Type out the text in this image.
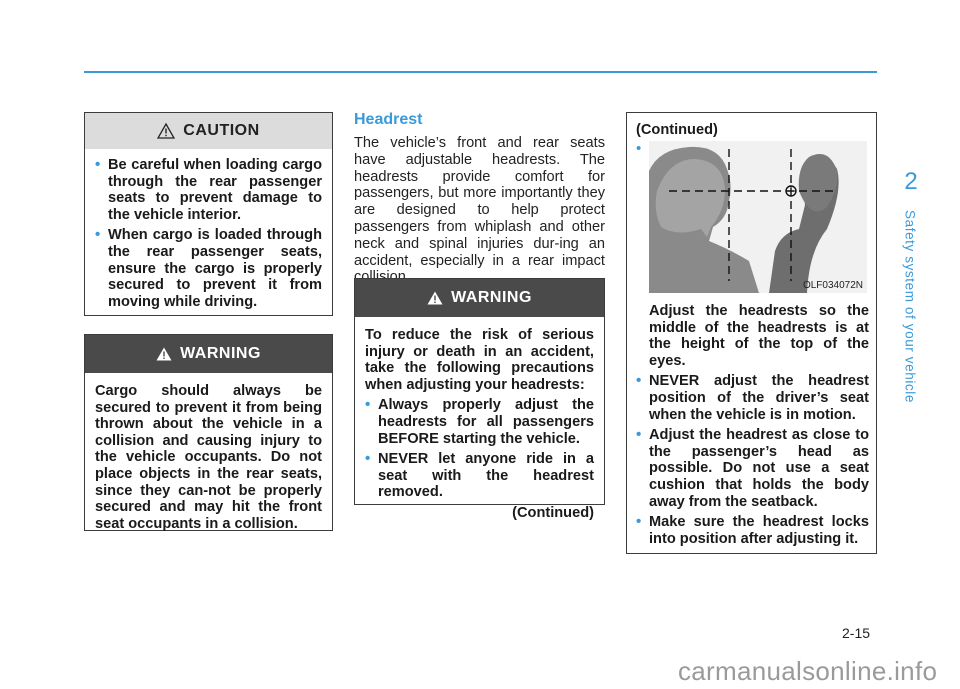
CAUTION
• Be careful when loading cargo through the rear passenger seats to prevent damage to the vehicle interior.
• When cargo is loaded through the rear passenger seats, ensure the cargo is properly secured to prevent it from moving while driving.
WARNING
Cargo should always be secured to prevent it from being thrown about the vehicle in a collision and causing injury to the vehicle occupants. Do not place objects in the rear seats, since they can-not be properly secured and may hit the front seat occupants in a collision.
Headrest
The vehicle’s front and rear seats have adjustable headrests. The headrests provide comfort for passengers, but more importantly they are designed to help protect passengers from whiplash and other neck and spinal injuries dur-ing an accident, especially in a rear impact
WARNING
To reduce the risk of serious injury or death in an accident, take the following precautions when adjusting your headrests:
• Always properly adjust the headrests for all passengers BEFORE starting the vehicle.
• NEVER let anyone ride in a seat with the headrest removed.
(Continued)
(Continued)
•
OLF034072N

Adjust the headrests so the middle of the headrests is at the height of the top of the eyes.

• NEVER adjust the headrest position of the driver’s seat when the vehicle is in motion.
• Adjust the headrest as close to the passenger’s head as possible. Do not use a seat cushion that holds the body away from the seatback.
• Make sure the headrest locks into position after adjusting it.
2
Safety system of your vehicle
2-15
carmanualsonline.info
